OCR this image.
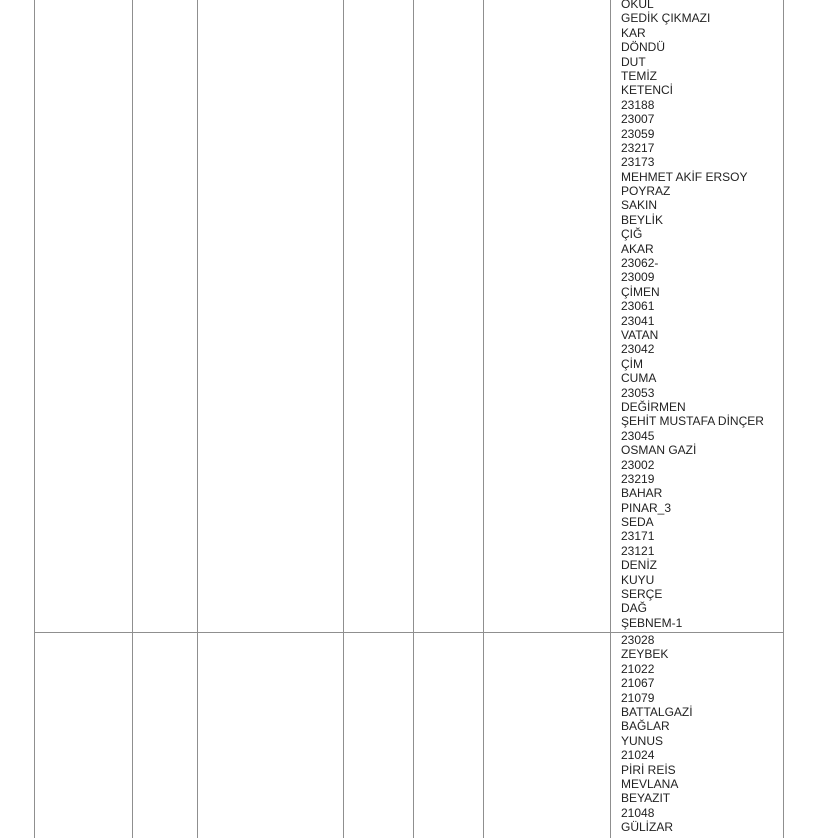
OKUL
GEDİK ÇIKMAZI
KAR
DÖNDÜ
DUT
TEMİZ
KETENCİ
23188
23007
23059
23217
23173
MEHMET AKİF ERSOY
POYRAZ
SAKIN
BEYLİK
ÇIĞ
AKAR
23062-
23009
ÇİMEN
23061
23041
VATAN
23042
ÇİM
CUMA
23053
DEĞİRMEN
ŞEHİT MUSTAFA DİNÇER
23045
OSMAN GAZİ
23002
23219
BAHAR
PINAR_3
SEDA
23171
23121
DENİZ
KUYU
SERÇE
DAĞ
ŞEBNEM-1
23028
ZEYBEK
21022
21067
21079
BATTALGAZİ
BAĞLAR
YUNUS
21024
PİRİ REİS
MEVLANA
BEYAZIT
21048
GÜLİZAR
